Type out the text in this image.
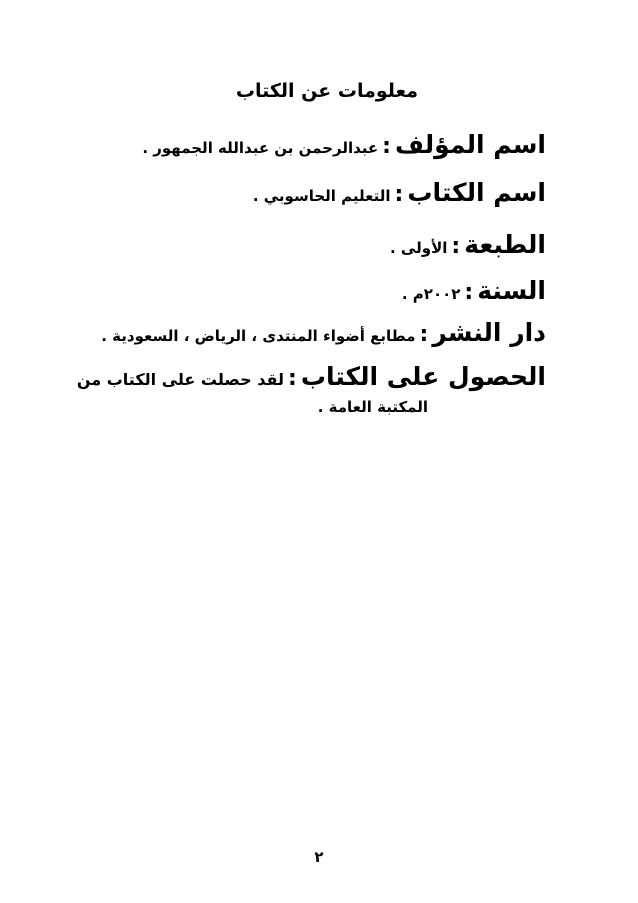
معلومات عن الكتاب
اسم المؤلف:عبدالرحمن بن عبدالله الجمهور .
اسم الكتاب:التعليم الحاسوبي .
الطبعة:الأولى .
السنة:٢٠٠٢م .
دار النشر:مطابع أضواء المنتدى ، الرياض ، السعودية .
الحصول على الكتاب:لقد حصلت على الكتاب من
المكتبة العامة .
٢
